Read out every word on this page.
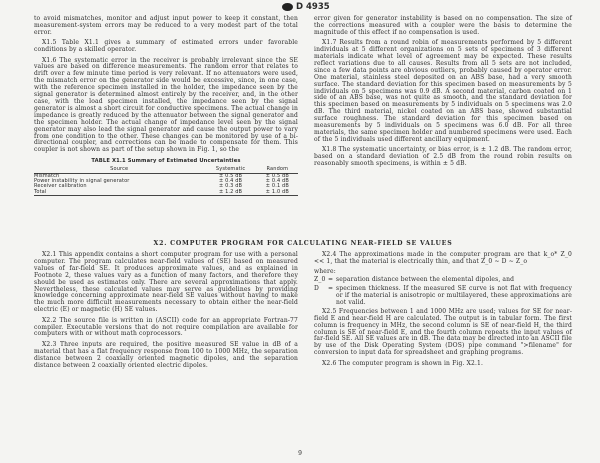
D 4935

to avoid mismatches, monitor and adjust input power to keep it constant, then measurement-system errors may be reduced to a very modest part of the total error.

X1.5 Table X1.1 gives a summary of estimated errors under favorable conditions by a skilled operator.

X1.6 The systematic error in the receiver is probably irrelevant since the SE values are based on difference measurements. The random error that relates to drift over a few minute time period is very relevant. If no attenuators were used, the mismatch error on the generator side would be excessive, since, in one case, with the reference specimen installed in the holder, the impedance seen by the signal generator is determined almost entirely by the receiver, and, in the other case, with the load specimen installed, the impedance seen by the signal generator is almost a short circuit for conductive specimens. The actual change in impedance is greatly reduced by the attenuator between the signal generator and the specimen holder. The actual change of impedance level seen by the signal generator may also lead the signal generator and cause the output power to vary from one condition to the other. These changes can be monitored by use of a bi-directional coupler, and corrections can be made to compensate for them. This coupler is not shown as part of the setup shown in Fig. 1, so the

TABLE X1.1 Summary of Estimated Uncertainties
Source	Systematic	Random
Mismatch	± 0.5 dB	± 0.5 dB
Power instability in signal generator	± 0.4 dB	± 0.4 dB
Receiver calibration	± 0.3 dB	± 0.1 dB
Total	± 1.2 dB	± 1.0 dB

error given for generator instability is based on no compensation. The size of the corrections measured with a coupler were the basis to determine the magnitude of this effect if no compensation is used.

X1.7 Results from a round robin of measurements performed by 5 different individuals at 5 different organizations on 5 sets of specimens of 3 different materials indicate what level of agreement may be expected. These results reflect variations due to all causes. Results from all 5 sets are not included, since a few data points are obvious outliers, probably caused by operator error. One material, stainless steel deposited on an ABS base, had a very smooth surface. The standard deviation for this specimen based on measurements by 5 individuals on 5 specimens was 0.9 dB. A second material, carbon coated on 1 side of an ABS base, was not quite as smooth, and the standard deviation for this specimen based on measurements by 5 individuals on 5 specimens was 2.0 dB. The third material, nickel coated on an ABS base, showed substantial surface roughness. The standard deviation for this specimen based on measurements by 5 individuals on 5 specimens was 6.0 dB. For all three materials, the same specimen holder and numbered specimens were used. Each of the 5 individuals used different ancillary equipment.

X1.8 The systematic uncertainty, or bias error, is ± 1.2 dB. The random error, based on a standard deviation of 2.5 dB from the round robin results on reasonably smooth specimens, is within ± 5 dB.

X2. COMPUTER PROGRAM FOR CALCULATING NEAR-FIELD SE VALUES

X2.1 This appendix contains a short computer program for use with a personal computer. The program calculates near-field values of (SE) based on measured values of far-field SE. It produces approximate values, and as explained in Footnote 2, these values vary as a function of many factors, and therefore they should be used as estimates only. There are several approximations that apply. Nevertheless, these calculated values may serve as guidelines by providing knowledge concerning approximate near-field SE values without having to make the much more difficult measurements necessary to obtain either the near-field electric (E) or magnetic (H) SE values.

X2.2 The source file is written in (ASCII) code for an appropriate Fortran-77 compiler. Executable versions that do not require compilation are available for computers with or without math coprocessors.

X2.3 Three inputs are required, the positive measured SE value in dB of a material that has a flat frequency response from 100 to 1000 MHz, the separation distance between 2 coaxially oriented magnetic dipoles, and the separation distance between 2 coaxially oriented electric dipoles.

X2.4 The approximations made in the computer program are that k_o* Z_0 << 1, that the material is electrically thin, and that Z_0 ~ D ~ Z_o

where:
Z_0 = separation distance between the elemental dipoles, and
D	= specimen thickness. If the measured SE curve is not flat with frequency or if the material is anisotropic or multilayered, these approximations are not valid.

X2.5 Frequencies between 1 and 1000 MHz are used; values for SE for near-field E and near-field H are calculated. The output is in tabular form. The first column is frequency in MHz, the second column is SE of near-field H, the third column is SE of near-field E, and the fourth column repeats the input values of far-field SE. All SE values are in dB. The data may be directed into an ASCII file by use of the Disk Operating System (DOS) pipe command ">filename" for conversion to input data for spreadsheet and graphing programs.

X2.6 The computer program is shown in Fig. X2.1.

9
